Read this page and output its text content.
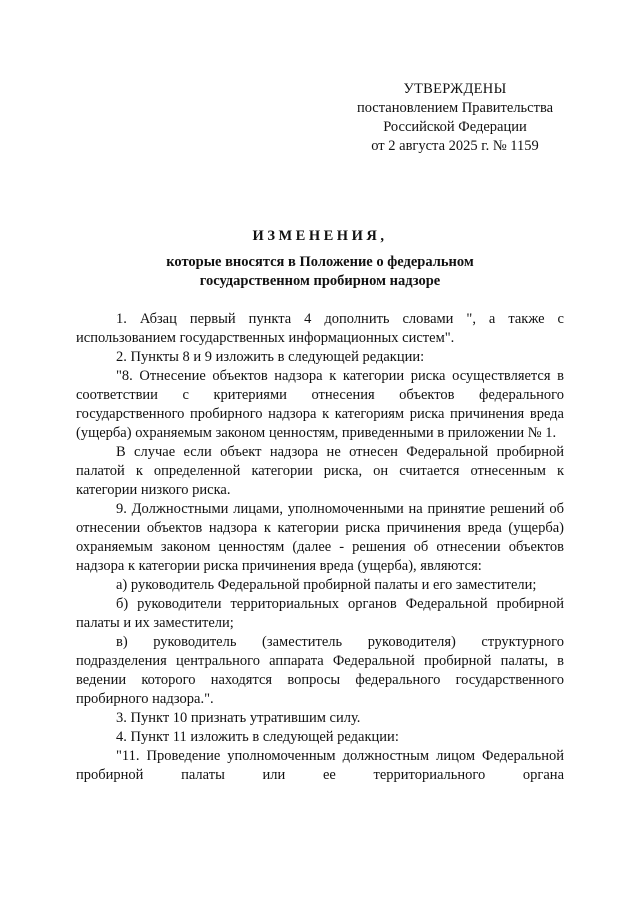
УТВЕРЖДЕНЫ
постановлением Правительства
Российской Федерации
от 2 августа 2025 г. № 1159
ИЗМЕНЕНИЯ,
которые вносятся в Положение о федеральном
государственном пробирном надзоре

1. Абзац первый пункта 4 дополнить словами ", а также с использованием государственных информационных систем".

2. Пункты 8 и 9 изложить в следующей редакции:

"8. Отнесение объектов надзора к категории риска осуществляется в соответствии с критериями отнесения объектов федерального государственного пробирного надзора к категориям риска причинения вреда (ущерба) охраняемым законом ценностям, приведенными в приложении № 1.

В случае если объект надзора не отнесен Федеральной пробирной палатой к определенной категории риска, он считается отнесенным к категории низкого риска.

9. Должностными лицами, уполномоченными на принятие решений об отнесении объектов надзора к категории риска причинения вреда (ущерба) охраняемым законом ценностям (далее - решения об отнесении объектов надзора к категории риска причинения вреда (ущерба), являются:

а) руководитель Федеральной пробирной палаты и его заместители;

б) руководители территориальных органов Федеральной пробирной палаты и их заместители;

в) руководитель (заместитель руководителя) структурного подразделения центрального аппарата Федеральной пробирной палаты, в ведении которого находятся вопросы федерального государственного пробирного надзора.".

3. Пункт 10 признать утратившим силу.

4. Пункт 11 изложить в следующей редакции:

"11. Проведение уполномоченным должностным лицом Федеральной пробирной палаты или ее территориального органа
